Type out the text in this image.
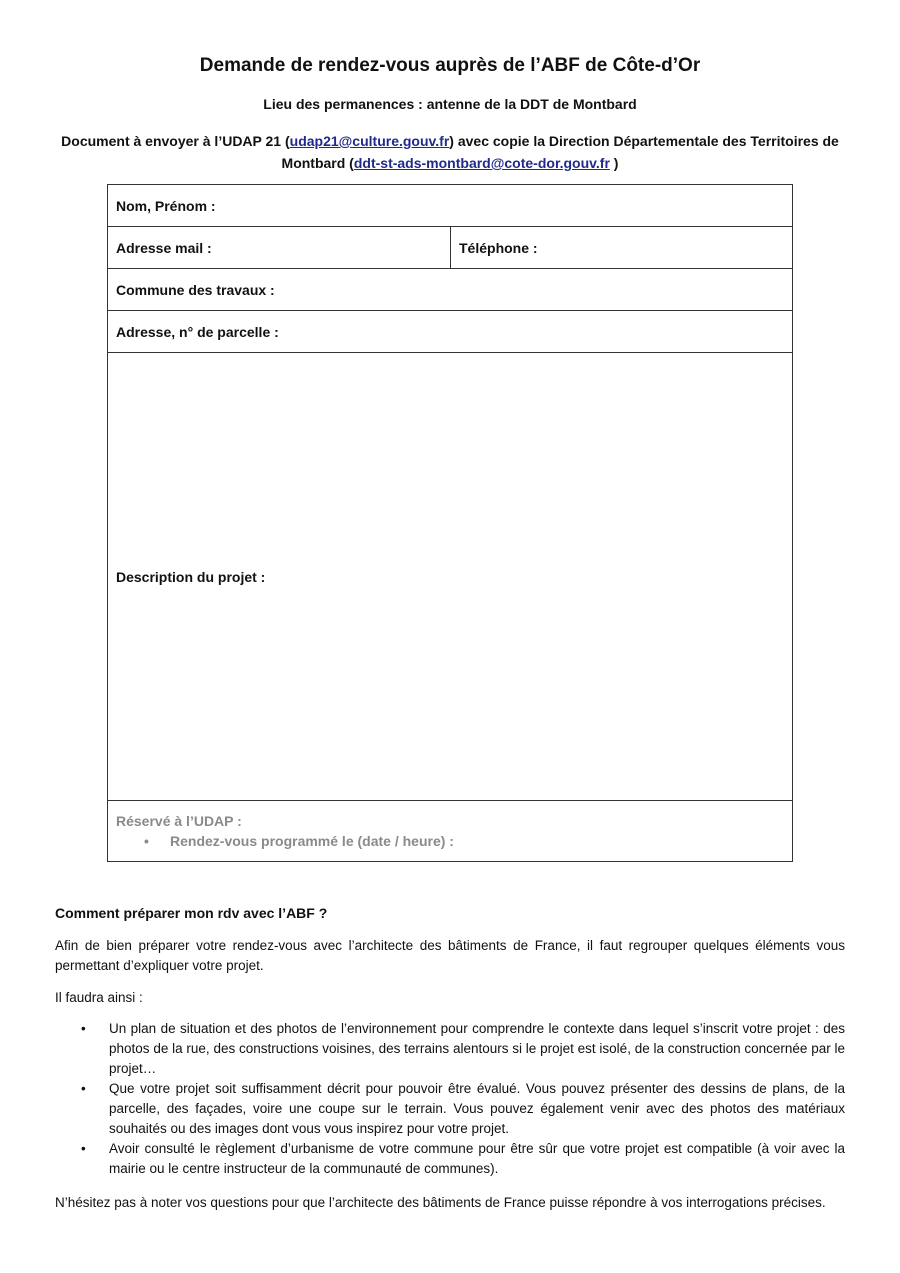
Demande de rendez-vous auprès de l’ABF de Côte-d’Or
Lieu des permanences : antenne de la DDT de Montbard
Document à envoyer à l’UDAP 21 (udap21@culture.gouv.fr) avec copie la Direction Départementale des Territoires de Montbard (ddt-st-ads-montbard@cote-dor.gouv.fr )
Nom, Prénom :
Adresse mail :	Téléphone :
Commune des travaux :
Adresse, n° de parcelle :
Description du projet :

Réservé à l’UDAP :
•	Rendez-vous programmé le (date / heure) :
Comment préparer mon rdv avec l’ABF ?
Afin de bien préparer votre rendez-vous avec l’architecte des bâtiments de France, il faut regrouper quelques éléments vous permettant d’expliquer votre projet.
Il faudra ainsi :
•	Un plan de situation et des photos de l’environnement pour comprendre le contexte dans lequel s’inscrit votre projet : des photos de la rue, des constructions voisines, des terrains alentours si le projet est isolé, de la construction concernée par le projet…
•	Que votre projet soit suffisamment décrit pour pouvoir être évalué. Vous pouvez présenter des dessins de plans, de la parcelle, des façades, voire une coupe sur le terrain. Vous pouvez également venir avec des photos des matériaux souhaités ou des images dont vous vous inspirez pour votre projet.
•	Avoir consulté le règlement d’urbanisme de votre commune pour être sûr que votre projet est compatible (à voir avec la mairie ou le centre instructeur de la communauté de communes).
N’hésitez pas à noter vos questions pour que l’architecte des bâtiments de France puisse répondre à vos interrogations précises.
